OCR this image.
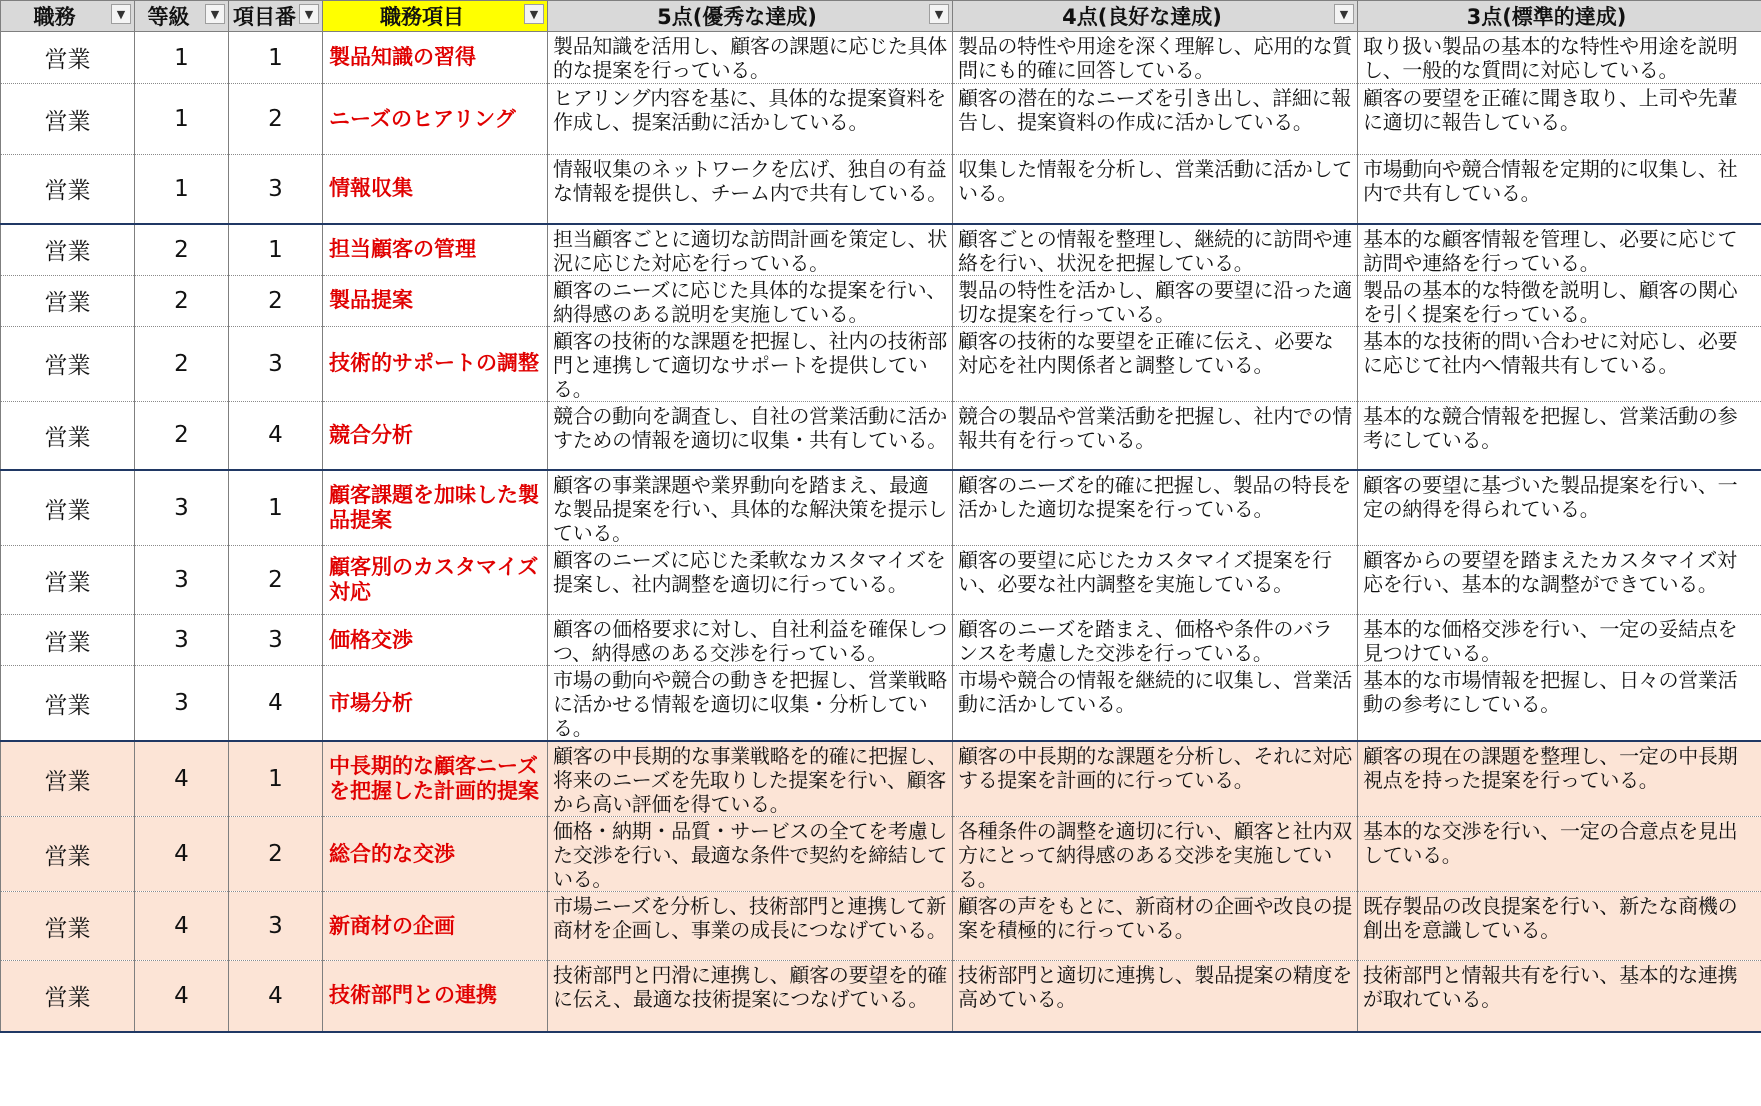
職務 ▼	等級 ▼	項目番 ▼	職務項目 ▼	5点(優秀な達成) ▼	4点(良好な達成) ▼	3点(標準的達成)
営業	1	1	製品知識の習得	製品知識を活用し、顧客の課題に応じた具体的な提案を行っている。	製品の特性や用途を深く理解し、応用的な質問にも的確に回答している。	取り扱い製品の基本的な特性や用途を説明し、一般的な質問に対応している。

営業	1	2	ニーズのヒアリング	ヒアリング内容を基に、具体的な提案資料を作成し、提案活動に活かしている。	顧客の潜在的なニーズを引き出し、詳細に報告し、提案資料の作成に活かしている。	顧客の要望を正確に聞き取り、上司や先輩に適切に報告している。

営業	1	3	情報収集	情報収集のネットワークを広げ、独自の有益な情報を提供し、チーム内で共有している。	収集した情報を分析し、営業活動に活かしている。	市場動向や競合情報を定期的に収集し、社内で共有している。

営業	2	1	担当顧客の管理	担当顧客ごとに適切な訪問計画を策定し、状況に応じた対応を行っている。	顧客ごとの情報を整理し、継続的に訪問や連絡を行い、状況を把握している。	基本的な顧客情報を管理し、必要に応じて訪問や連絡を行っている。

営業	2	2	製品提案	顧客のニーズに応じた具体的な提案を行い、納得感のある説明を実施している。	製品の特性を活かし、顧客の要望に沿った適切な提案を行っている。	製品の基本的な特徴を説明し、顧客の関心を引く提案を行っている。

営業	2	3	技術的サポートの調整	顧客の技術的な課題を把握し、社内の技術部門と連携して適切なサポートを提供している。	顧客の技術的な要望を正確に伝え、必要な対応を社内関係者と調整している。	基本的な技術的問い合わせに対応し、必要に応じて社内へ情報共有している。

営業	2	4	競合分析	競合の動向を調査し、自社の営業活動に活かすための情報を適切に収集・共有している。	競合の製品や営業活動を把握し、社内での情報共有を行っている。	基本的な競合情報を把握し、営業活動の参考にしている。

営業	3	1	顧客課題を加味した製品提案	顧客の事業課題や業界動向を踏まえ、最適な製品提案を行い、具体的な解決策を提示している。	顧客のニーズを的確に把握し、製品の特長を活かした適切な提案を行っている。	顧客の要望に基づいた製品提案を行い、一定の納得を得られている。

営業	3	2	顧客別のカスタマイズ対応	顧客のニーズに応じた柔軟なカスタマイズを提案し、社内調整を適切に行っている。	顧客の要望に応じたカスタマイズ提案を行い、必要な社内調整を実施している。	顧客からの要望を踏まえたカスタマイズ対応を行い、基本的な調整ができている。

営業	3	3	価格交渉	顧客の価格要求に対し、自社利益を確保しつつ、納得感のある交渉を行っている。	顧客のニーズを踏まえ、価格や条件のバランスを考慮した交渉を行っている。	基本的な価格交渉を行い、一定の妥結点を見つけている。

営業	3	4	市場分析	市場の動向や競合の動きを把握し、営業戦略に活かせる情報を適切に収集・分析している。	市場や競合の情報を継続的に収集し、営業活動に活かしている。	基本的な市場情報を把握し、日々の営業活動の参考にしている。

営業	4	1	中長期的な顧客ニーズを把握した計画的提案	顧客の中長期的な事業戦略を的確に把握し、将来のニーズを先取りした提案を行い、顧客から高い評価を得ている。	顧客の中長期的な課題を分析し、それに対応する提案を計画的に行っている。	顧客の現在の課題を整理し、一定の中長期視点を持った提案を行っている。

営業	4	2	総合的な交渉	価格・納期・品質・サービスの全てを考慮した交渉を行い、最適な条件で契約を締結している。	各種条件の調整を適切に行い、顧客と社内双方にとって納得感のある交渉を実施している。	基本的な交渉を行い、一定の合意点を見出している。

営業	4	3	新商材の企画	市場ニーズを分析し、技術部門と連携して新商材を企画し、事業の成長につなげている。	顧客の声をもとに、新商材の企画や改良の提案を積極的に行っている。	既存製品の改良提案を行い、新たな商機の創出を意識している。

営業	4	4	技術部門との連携	技術部門と円滑に連携し、顧客の要望を的確に伝え、最適な技術提案につなげている。	技術部門と適切に連携し、製品提案の精度を高めている。	技術部門と情報共有を行い、基本的な連携が取れている。
